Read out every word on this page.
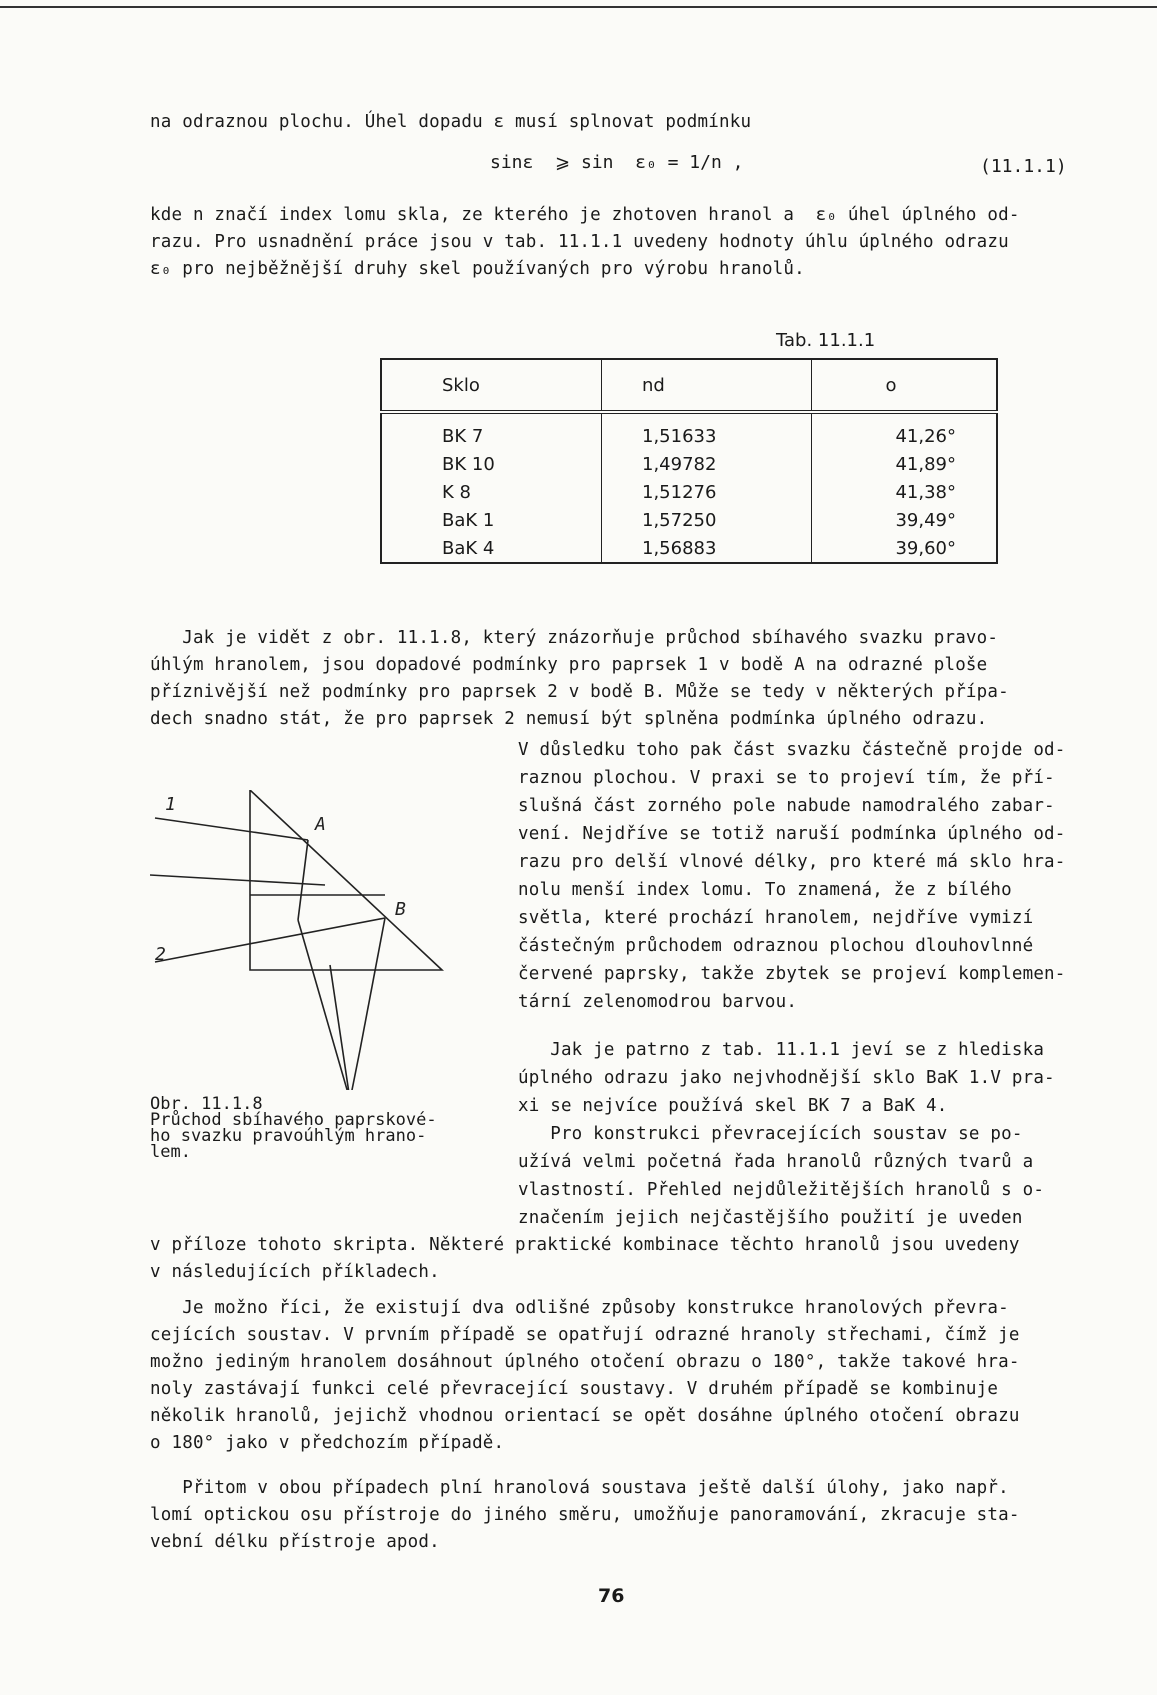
na odraznou plochu. Úhel dopadu ε musí splnovat podmínku
sinε  ⩾ sin  ε₀ = 1/n ,	(11.1.1)
kde n značí index lomu skla, ze kterého je zhotoven hranol a  ε₀ úhel úplného od-
razu. Pro usnadnění práce jsou v tab. 11.1.1 uvedeny hodnoty úhlu úplného odrazu
ε₀ pro nejběžnější druhy skel používaných pro výrobu hranolů.
Tab. 11.1.1
Sklo	nd	o
BK 7	1,51633	41,26°
BK 10	1,49782	41,89°
K 8	1,51276	41,38°
BaK 1	1,57250	39,49°
BaK 4	1,56883	39,60°
Jak je vidět z obr. 11.1.8, který znázorňuje průchod sbíhavého svazku pravo-
úhlým hranolem, jsou dopadové podmínky pro paprsek 1 v bodě A na odrazné ploše
příznivější než podmínky pro paprsek 2 v bodě B. Může se tedy v některých přípa-
dech snadno stát, že pro paprsek 2 nemusí být splněna podmínka úplného odrazu.
V důsledku toho pak část svazku částečně projde od-
raznou plochou. V praxi se to projeví tím, že pří-
slušná část zorného pole nabude namodralého zabar-
vení. Nejdříve se totiž naruší podmínka úplného od-
razu pro delší vlnové délky, pro které má sklo hra-
nolu menší index lomu. To znamená, že z bílého
světla, které prochází hranolem, nejdříve vymizí
částečným průchodem odraznou plochou dlouhovlnné
červené paprsky, takže zbytek se projeví komplemen-
tární zelenomodrou barvou.
Jak je patrno z tab. 11.1.1 jeví se z hlediska
úplného odrazu jako nejvhodnější sklo BaK 1.V pra-
xi se nejvíce používá skel BK 7 a BaK 4.
Pro konstrukci převracejících soustav se po-
užívá velmi početná řada hranolů různých tvarů a
vlastností. Přehled nejdůležitějších hranolů s o-
značením jejich nejčastějšího použití je uveden
v příloze tohoto skripta. Některé praktické kombinace těchto hranolů jsou uvedeny
v následujících příkladech.
Je možno říci, že existují dva odlišné způsoby konstrukce hranolových převra-
cejících soustav. V prvním případě se opatřují odrazné hranoly střechami, čímž je
možno jediným hranolem dosáhnout úplného otočení obrazu o 180°, takže takové hra-
noly zastávají funkci celé převracející soustavy. V druhém případě se kombinuje
několik hranolů, jejichž vhodnou orientací se opět dosáhne úplného otočení obrazu
o 180° jako v předchozím případě.
Přitom v obou případech plní hranolová soustava ještě další úlohy, jako např.
lomí optickou osu přístroje do jiného směru, umožňuje panoramování, zkracuje sta-
vební délku přístroje apod.
1
2
A
B
Obr. 11.1.8
Průchod sbíhavého paprskové-
ho svazku pravoúhlým hrano-
lem.
76
